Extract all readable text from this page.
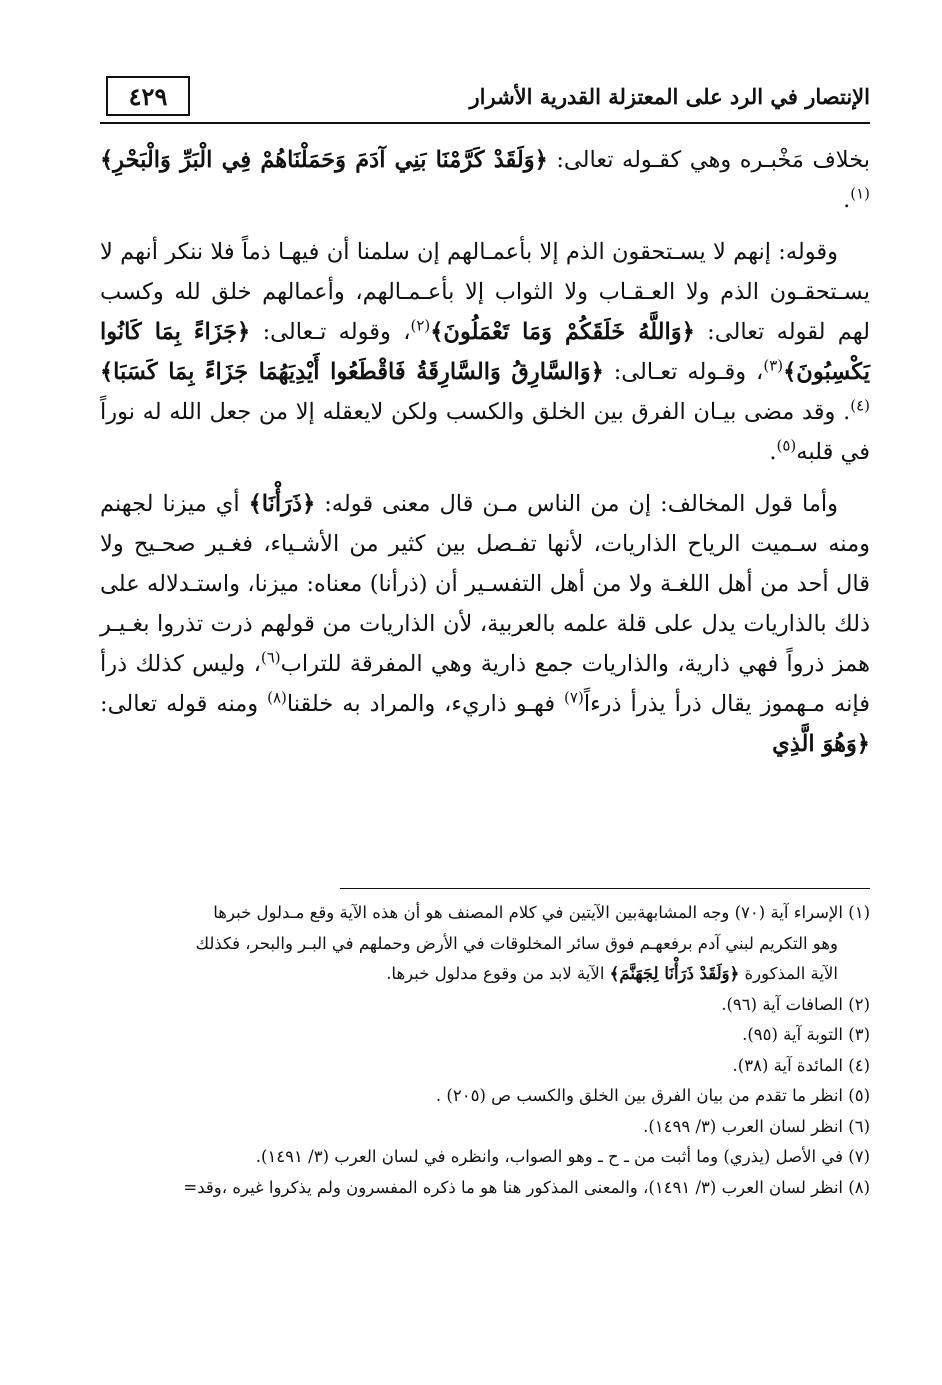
٤٢٩	الإنتصار في الرد على المعتزلة القدرية الأشرار

بخلاف مَخْبـره وهي كقـوله تعالى: ﴿وَلَقَدْ كَرَّمْنَا بَنِي آدَمَ وَحَمَلْنَاهُمْ فِي الْبَرِّ وَالْبَحْرِ﴾$^{(١)}$.

وقوله: إنهم لا يسـتحقون الذم إلا بأعمـالهم إن سلمنا أن فيهـا ذماً فلا ننكر أنهم لا يسـتحقـون الذم ولا العـقـاب ولا الثواب إلا بأعـمـالهم، وأعمالهم خلق لله وكسب لهم لقوله تعالى: ﴿وَاللَّهُ خَلَقَكُمْ وَمَا تَعْمَلُونَ﴾$^{(٢)}$، وقوله تـعالى: ﴿جَزَاءً بِمَا كَانُوا يَكْسِبُونَ﴾$^{(٣)}$، وقـوله تعـالى: ﴿وَالسَّارِقُ وَالسَّارِقَةُ فَاقْطَعُوا أَيْدِيَهُمَا جَزَاءً بِمَا كَسَبَا﴾$^{(٤)}$. وقد مضى بيـان الفرق بين الخلق والكسب ولكن لايعقله إلا من جعل الله له نوراً في قلبه$^{(٥)}$.

وأما قول المخالف: إن من الناس مـن قال معنى قوله: ﴿ذَرَأْنَا﴾ أي ميزنا لجهنم ومنه سـميت الرياح الذاريات، لأنها تفـصل بين كثير من الأشـياء، فغـير صحـيح ولا قال أحد من أهل اللغـة ولا من أهل التفسـير أن (ذرأنا) معناه: ميزنا، واستـدلاله على ذلك بالذاريات يدل على قلة علمه بالعربية، لأن الذاريات من قولهم ذرت تذروا بغـيـر همز ذرواً فهي ذارية، والذاريات جمع ذارية وهي المفرقة للتراب$^{(٦)}$، وليس كذلك ذرأ فإنه مـهموز يقال ذرأ يذرأ ذرءاً$^{(٧)}$ فهـو ذاريء، والمراد به خلقنا$^{(٨)}$ ومنه قوله تعالى: ﴿وَهُوَ الَّذِي

(١) الإسراء آية (٧٠) وجه المشابهةبين الآيتين في كلام المصنف هو أن هذه الآية وقع مـدلول خبرها

وهو التكريم لبني آدم برفعهـم فوق سائر المخلوقات في الأرض وحملهم في البـر والبحر، فكذلك

الآية المذكورة ﴿وَلَقَدْ ذَرَأْنَا لِجَهَنَّمَ﴾ الآية لابد من وقوع مدلول خبرها.

(٢) الصافات آية (٩٦).

(٣) التوبة آية (٩٥).

(٤) المائدة آية (٣٨).

(٥) انظر ما تقدم من بيان الفرق بين الخلق والكسب ص (٢٠٥) .

(٦) انظر لسان العرب (٣/ ١٤٩٩).

(٧) في الأصل (يذري) وما أثبت من ـ ح ـ وهو الصواب، وانظره في لسان العرب (٣/ ١٤٩١).

(٨) انظر لسان العرب (٣/ ١٤٩١)، والمعنى المذكور هنا هو ما ذكره المفسرون ولم يذكروا غيره ،وقد=
